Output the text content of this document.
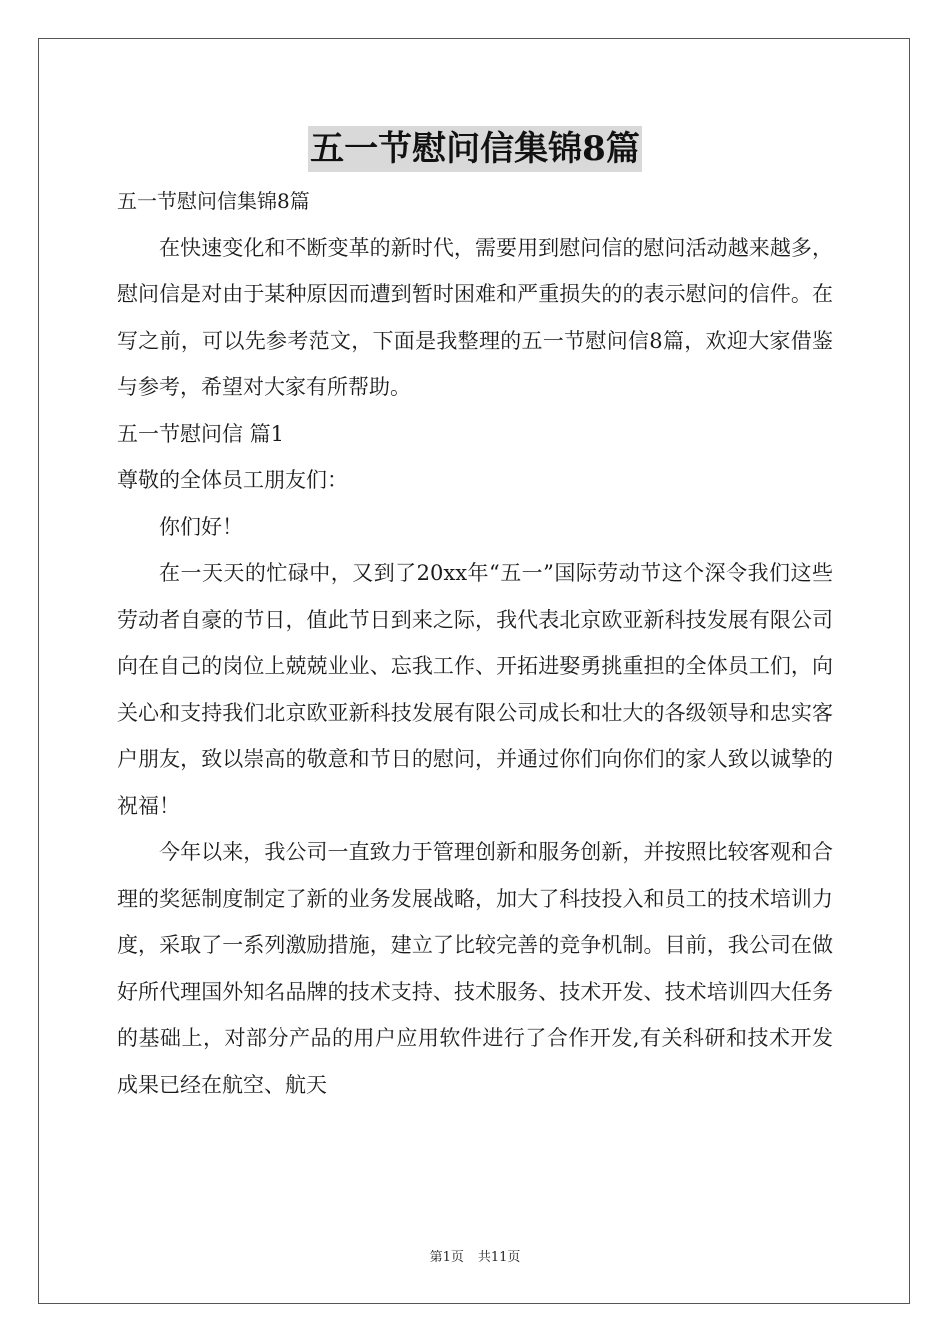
五一节慰问信集锦8篇

五一节慰问信集锦8篇

在快速变化和不断变革的新时代，需要用到慰问信的慰问活动越来越多，慰问信是对由于某种原因而遭到暂时困难和严重损失的的表示慰问的信件。在写之前，可以先参考范文，下面是我整理的五一节慰问信8篇，欢迎大家借鉴与参考，希望对大家有所帮助。

五一节慰问信 篇1

尊敬的全体员工朋友们：

你们好！

在一天天的忙碌中，又到了20xx年“五一”国际劳动节这个深令我们这些劳动者自豪的节日，值此节日到来之际，我代表北京欧亚新科技发展有限公司向在自己的岗位上兢兢业业、忘我工作、开拓进娶勇挑重担的全体员工们，向关心和支持我们北京欧亚新科技发展有限公司成长和壮大的各级领导和忠实客户朋友，致以崇高的敬意和节日的慰问，并通过你们向你们的家人致以诚挚的祝福！

今年以来，我公司一直致力于管理创新和服务创新，并按照比较客观和合理的奖惩制度制定了新的业务发展战略，加大了科技投入和员工的技术培训力度，采取了一系列激励措施，建立了比较完善的竞争机制。目前，我公司在做好所代理国外知名品牌的技术支持、技术服务、技术开发、技术培训四大任务的基础上，对部分产品的用户应用软件进行了合作开发,有关科研和技术开发成果已经在航空、航天

第1页 共11页
